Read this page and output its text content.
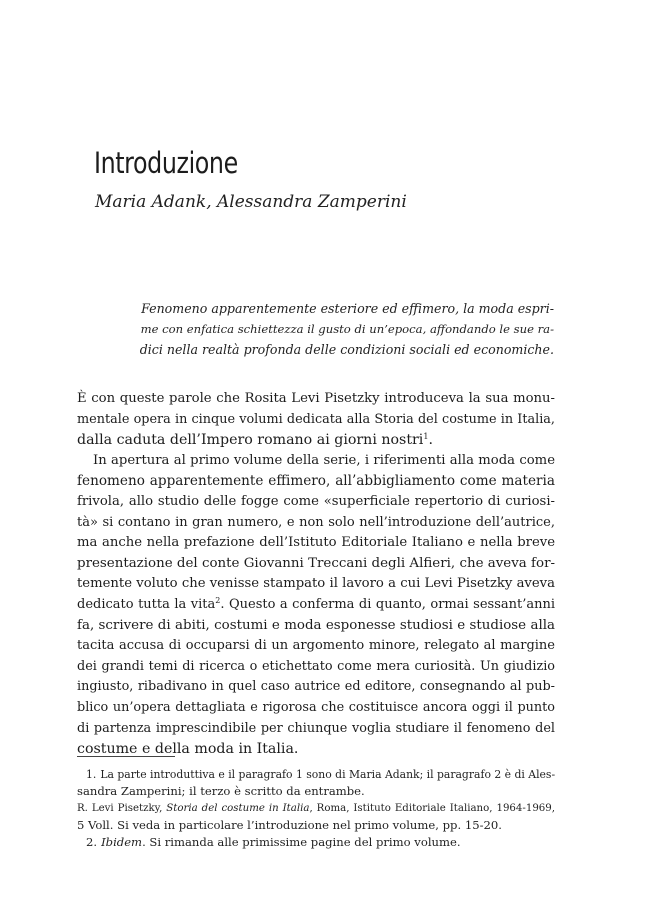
Introduzione
Maria Adank, Alessandra Zamperini
Fenomeno apparentemente esteriore ed effimero, la moda espri-
me con enfatica schiettezza il gusto di un’epoca, affondando le sue ra-
dici nella realtà profonda delle condizioni sociali ed economiche.
È con queste parole che Rosita Levi Pisetzky introduceva la sua monu-
mentale opera in cinque volumi dedicata alla Storia del costume in Italia,
dalla caduta dell’Impero romano ai giorni nostri$^1$.
In apertura al primo volume della serie, i riferimenti alla moda come
fenomeno apparentemente effimero, all’abbigliamento come materia
frivola, allo studio delle fogge come «superficiale repertorio di curiosi-
tà» si contano in gran numero, e non solo nell’introduzione dell’autrice,
ma anche nella prefazione dell’Istituto Editoriale Italiano e nella breve
presentazione del conte Giovanni Treccani degli Alfieri, che aveva for-
temente voluto che venisse stampato il lavoro a cui Levi Pisetzky aveva
dedicato tutta la vita$^2$. Questo a conferma di quanto, ormai sessant’anni
fa, scrivere di abiti, costumi e moda esponesse studiosi e studiose alla
tacita accusa di occuparsi di un argomento minore, relegato al margine
dei grandi temi di ricerca o etichettato come mera curiosità. Un giudizio
ingiusto, ribadivano in quel caso autrice ed editore, consegnando al pub-
blico un’opera dettagliata e rigorosa che costituisce ancora oggi il punto
di partenza imprescindibile per chiunque voglia studiare il fenomeno del
costume e della moda in Italia.
1. La parte introduttiva e il paragrafo 1 sono di Maria Adank; il paragrafo 2 è di Ales-
sandra Zamperini; il terzo è scritto da entrambe.
R. Levi Pisetzky, Storia del costume in Italia, Roma, Istituto Editoriale Italiano, 1964-1969,
5 Voll. Si veda in particolare l’introduzione nel primo volume, pp. 15-20.
2. Ibidem. Si rimanda alle primissime pagine del primo volume.
